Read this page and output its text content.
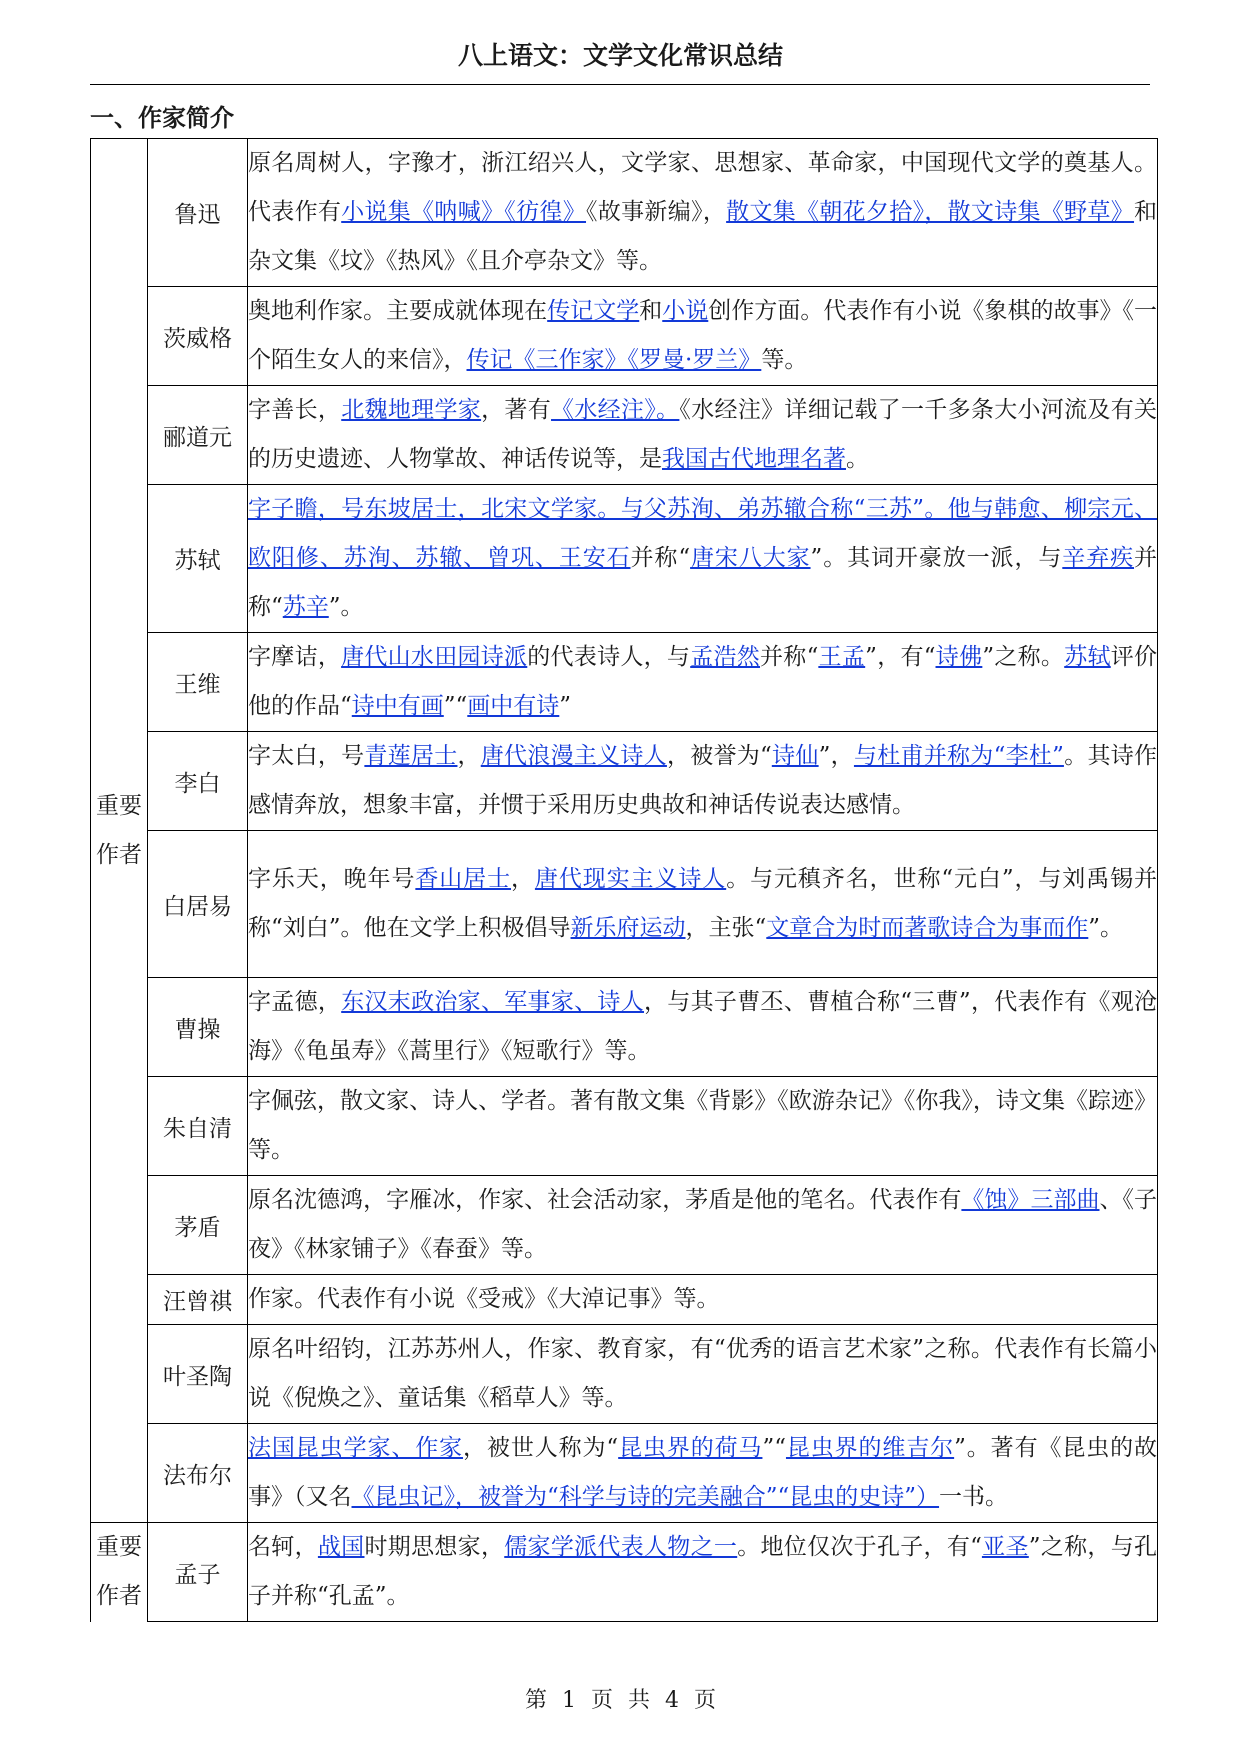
八上语文：文学文化常识总结
一、作家简介
重要作者	鲁迅	原名周树人，字豫才，浙江绍兴人，文学家、思想家、革命家，中国现代文学的奠基人。代表作有小说集《呐喊》《彷徨》《故事新编》，散文集《朝花夕拾》，散文诗集《野草》和杂文集《坟》《热风》《且介亭杂文》等。
	茨威格	奥地利作家。主要成就体现在传记文学和小说创作方面。代表作有小说《象棋的故事》《一个陌生女人的来信》，传记《三作家》《罗曼·罗兰》等。
	郦道元	字善长，北魏地理学家，著有《水经注》。《水经注》详细记载了一千多条大小河流及有关的历史遗迹、人物掌故、神话传说等，是我国古代地理名著。
	苏轼	字子瞻，号东坡居士，北宋文学家。与父苏洵、弟苏辙合称“三苏”。他与韩愈、柳宗元、欧阳修、苏洵、苏辙、曾巩、王安石并称“唐宋八大家”。其词开豪放一派，与辛弃疾并称“苏辛”。
	王维	字摩诘，唐代山水田园诗派的代表诗人，与孟浩然并称“王孟”，有“诗佛”之称。苏轼评价他的作品“诗中有画”“画中有诗”
	李白	字太白，号青莲居士，唐代浪漫主义诗人，被誉为“诗仙”，与杜甫并称为“李杜”。其诗作感情奔放，想象丰富，并惯于采用历史典故和神话传说表达感情。
	白居易	字乐天，晚年号香山居士，唐代现实主义诗人。与元稹齐名，世称“元白”，与刘禹锡并称“刘白”。他在文学上积极倡导新乐府运动，主张“文章合为时而著歌诗合为事而作”。
	曹操	字孟德，东汉末政治家、军事家、诗人，与其子曹丕、曹植合称“三曹”，代表作有《观沧海》《龟虽寿》《蒿里行》《短歌行》等。
	朱自清	字佩弦，散文家、诗人、学者。著有散文集《背影》《欧游杂记》《你我》，诗文集《踪迹》等。
	茅盾	原名沈德鸿，字雁冰，作家、社会活动家，茅盾是他的笔名。代表作有《蚀》三部曲、《子夜》《林家铺子》《春蚕》等。
	汪曾祺	作家。代表作有小说《受戒》《大淖记事》等。
	叶圣陶	原名叶绍钧，江苏苏州人，作家、教育家，有“优秀的语言艺术家”之称。代表作有长篇小说《倪焕之》、童话集《稻草人》等。
	法布尔	法国昆虫学家、作家，被世人称为“昆虫界的荷马”“昆虫界的维吉尔”。著有《昆虫的故事》（又名《昆虫记》，被誉为“科学与诗的完美融合”“昆虫的史诗”）一书。
重要作者	孟子	名轲，战国时期思想家，儒家学派代表人物之一。地位仅次于孔子，有“亚圣”之称，与孔子并称“孔孟”。
第 1 页 共 4 页
